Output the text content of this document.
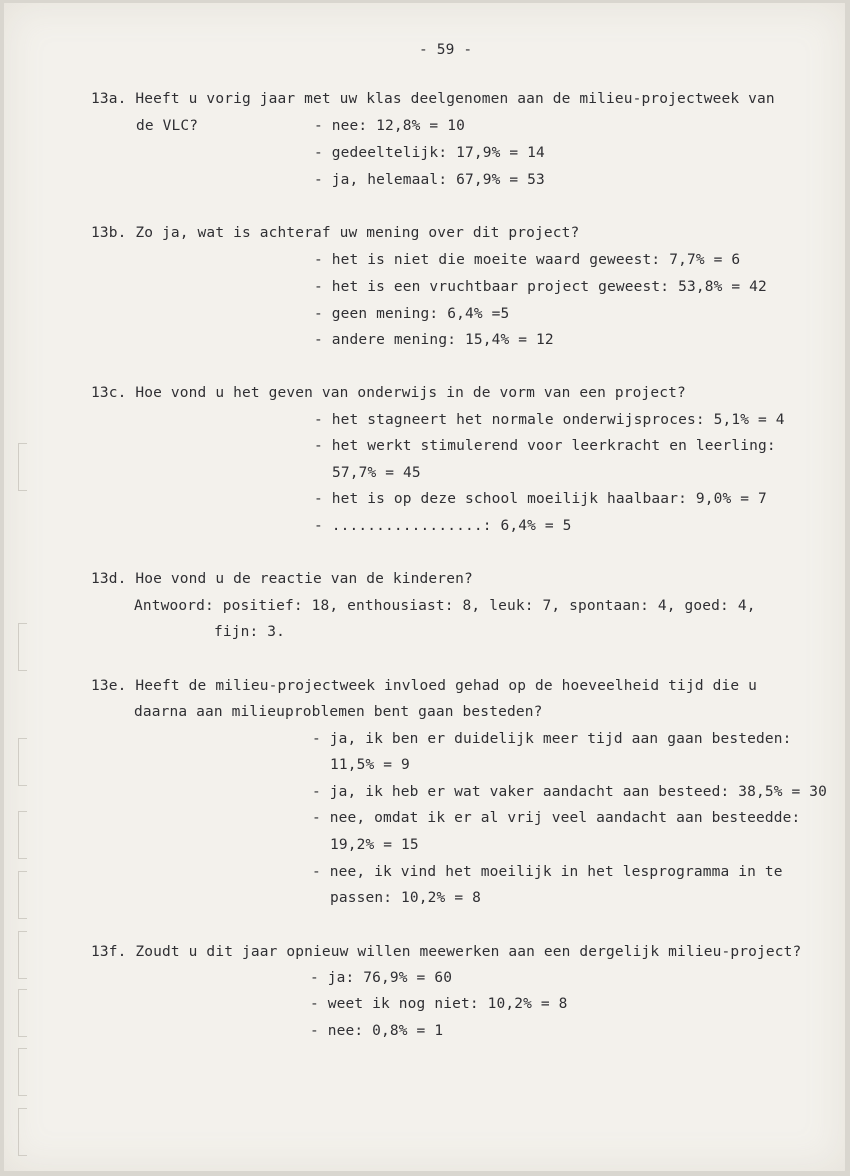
- 59 -
13a. Heeft u vorig jaar met uw klas deelgenomen aan de milieu-projectweek van
de VLC?	- nee: 12,8% = 10
- gedeeltelijk: 17,9% = 14
- ja, helemaal: 67,9% = 53
13b. Zo ja, wat is achteraf uw mening over dit project?
- het is niet die moeite waard geweest: 7,7% = 6
- het is een vruchtbaar project geweest: 53,8% = 42
- geen mening: 6,4% =5
- andere mening: 15,4% = 12
13c. Hoe vond u het geven van onderwijs in de vorm van een project?
- het stagneert het normale onderwijsproces: 5,1% = 4
- het werkt stimulerend voor leerkracht en leerling:
57,7% = 45
- het is op deze school moeilijk haalbaar: 9,0% = 7
- .................: 6,4% = 5
13d. Hoe vond u de reactie van de kinderen?
Antwoord: positief: 18, enthousiast: 8, leuk: 7, spontaan: 4, goed: 4,
fijn: 3.
13e. Heeft de milieu-projectweek invloed gehad op de hoeveelheid tijd die u
daarna aan milieuproblemen bent gaan besteden?
- ja, ik ben er duidelijk meer tijd aan gaan besteden:
11,5% = 9
- ja, ik heb er wat vaker aandacht aan besteed: 38,5% = 30
- nee, omdat ik er al vrij veel aandacht aan besteedde:
19,2% = 15
- nee, ik vind het moeilijk in het lesprogramma in te
passen: 10,2% = 8
13f. Zoudt u dit jaar opnieuw willen meewerken aan een dergelijk milieu-project?
- ja: 76,9% = 60
- weet ik nog niet: 10,2% = 8
- nee: 0,8% = 1
